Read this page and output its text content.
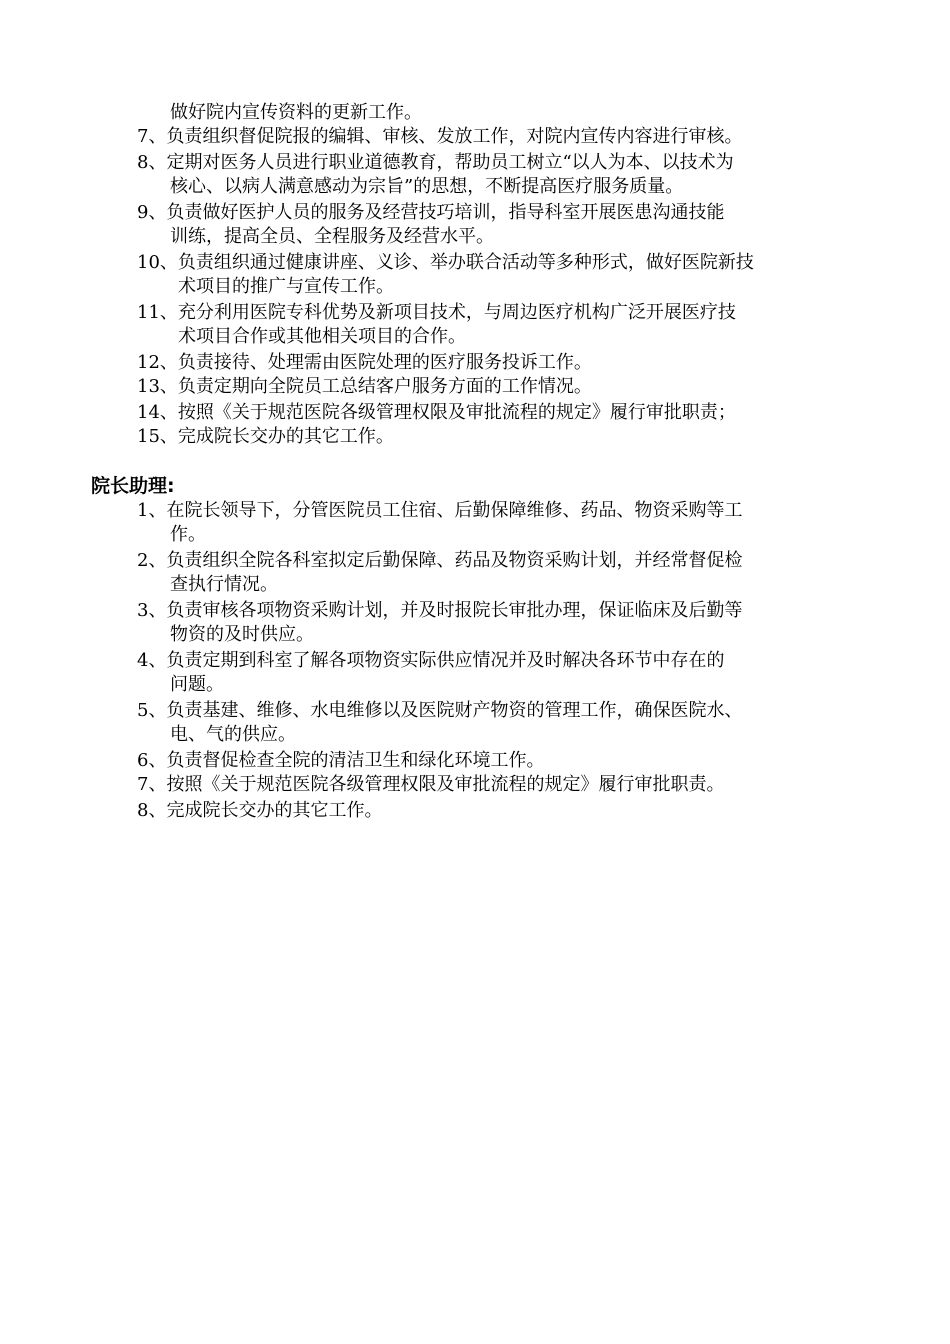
做好院内宣传资料的更新工作。
7、负责组织督促院报的编辑、审核、发放工作，对院内宣传内容进行审核。
8、定期对医务人员进行职业道德教育，帮助员工树立“以人为本、以技术为
核心、以病人满意感动为宗旨”的思想，不断提高医疗服务质量。
9、负责做好医护人员的服务及经营技巧培训，指导科室开展医患沟通技能
训练，提高全员、全程服务及经营水平。
10、负责组织通过健康讲座、义诊、举办联合活动等多种形式，做好医院新技
术项目的推广与宣传工作。
11、充分利用医院专科优势及新项目技术，与周边医疗机构广泛开展医疗技
术项目合作或其他相关项目的合作。
12、负责接待、处理需由医院处理的医疗服务投诉工作。
13、负责定期向全院员工总结客户服务方面的工作情况。
14、按照《关于规范医院各级管理权限及审批流程的规定》履行审批职责；
15、完成院长交办的其它工作。
院长助理:
1、在院长领导下，分管医院员工住宿、后勤保障维修、药品、物资采购等工
作。
2、负责组织全院各科室拟定后勤保障、药品及物资采购计划，并经常督促检
查执行情况。
3、负责审核各项物资采购计划，并及时报院长审批办理，保证临床及后勤等
物资的及时供应。
4、负责定期到科室了解各项物资实际供应情况并及时解决各环节中存在的
问题。
5、负责基建、维修、水电维修以及医院财产物资的管理工作，确保医院水、
电、气的供应。
6、负责督促检查全院的清洁卫生和绿化环境工作。
7、按照《关于规范医院各级管理权限及审批流程的规定》履行审批职责。
8、完成院长交办的其它工作。
